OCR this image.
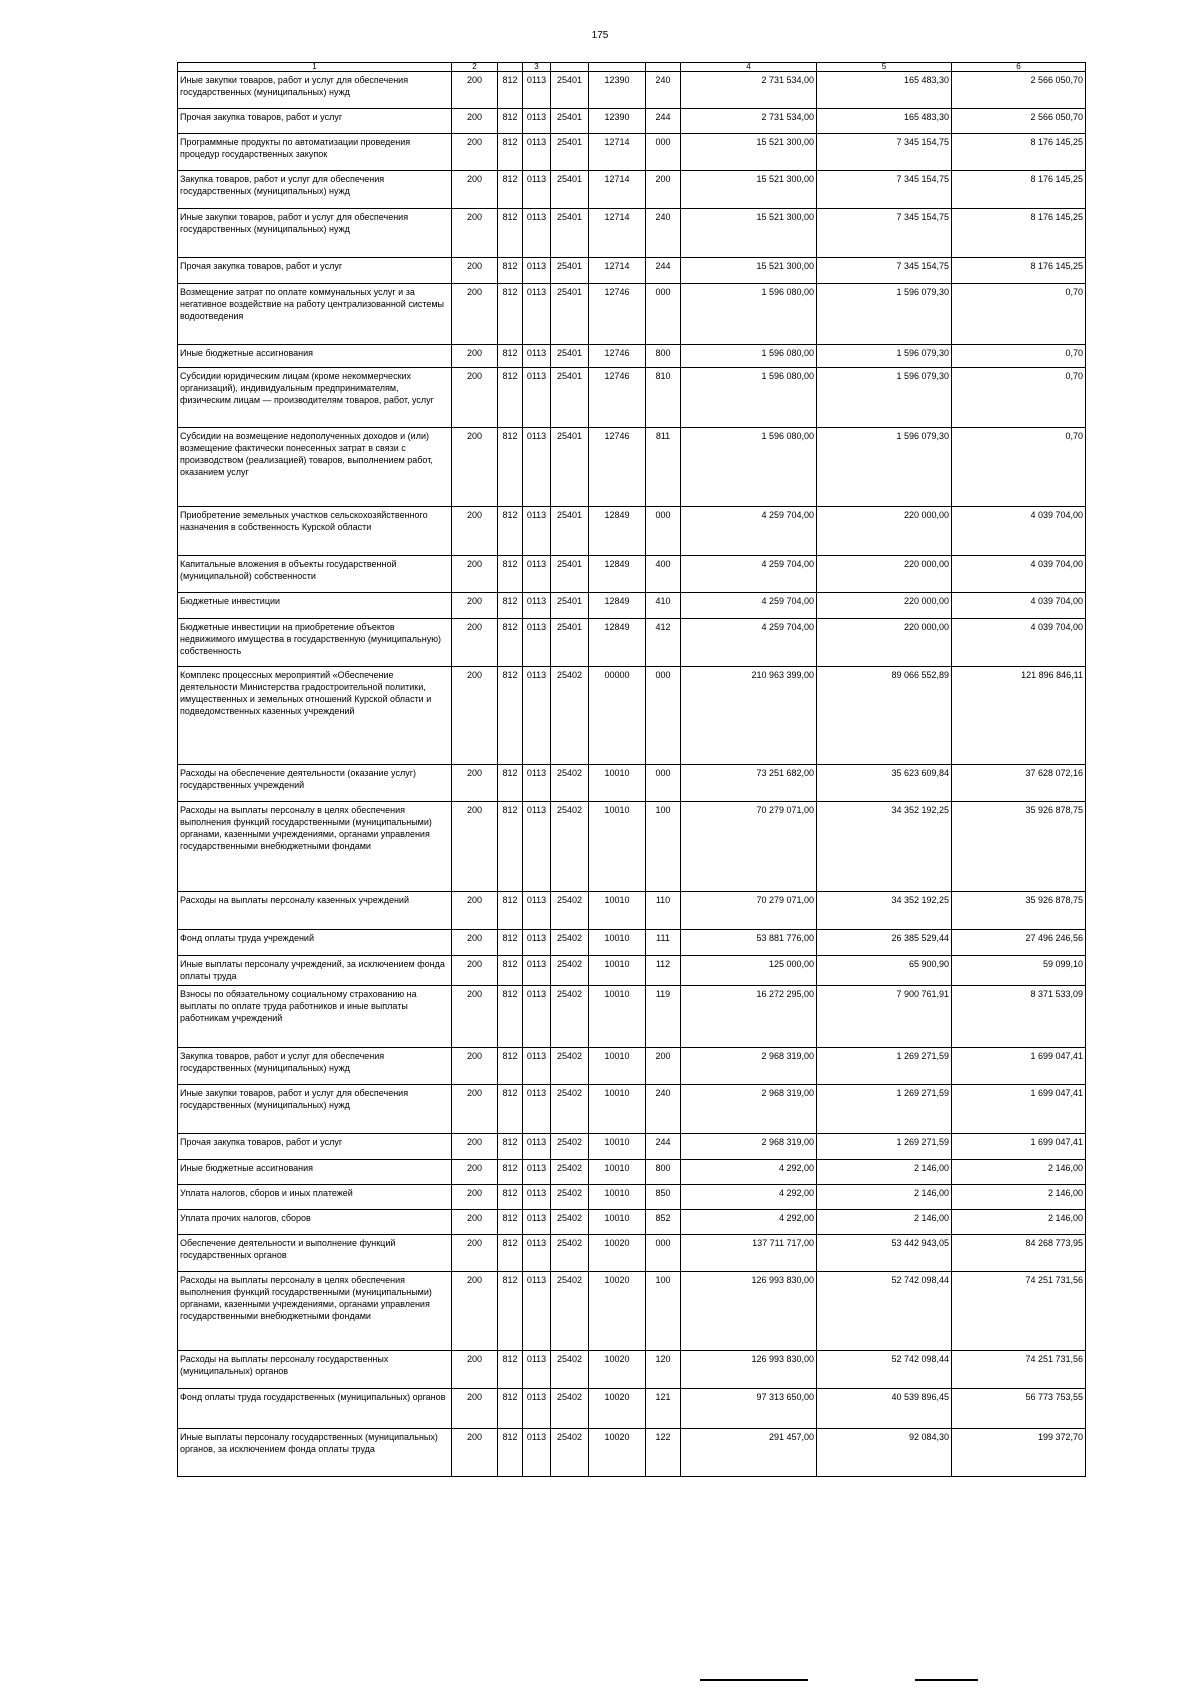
175
1	2		3				4	5	6
Иные закупки товаров, работ и услуг для обеспечения государственных (муниципальных) нужд	200	812	0113	25401	12390	240	2 731 534,00	165 483,30	2 566 050,70
Прочая закупка товаров, работ и услуг	200	812	0113	25401	12390	244	2 731 534,00	165 483,30	2 566 050,70
Программные продукты по автоматизации проведения процедур государственных закупок	200	812	0113	25401	12714	000	15 521 300,00	7 345 154,75	8 176 145,25
Закупка товаров, работ и услуг для обеспечения государственных (муниципальных) нужд	200	812	0113	25401	12714	200	15 521 300,00	7 345 154,75	8 176 145,25
Иные закупки товаров, работ и услуг для обеспечения государственных (муниципальных) нужд	200	812	0113	25401	12714	240	15 521 300,00	7 345 154,75	8 176 145,25
Прочая закупка товаров, работ и услуг	200	812	0113	25401	12714	244	15 521 300,00	7 345 154,75	8 176 145,25
Возмещение затрат по оплате коммунальных услуг и за негативное воздействие на работу централизованной системы водоотведения	200	812	0113	25401	12746	000	1 596 080,00	1 596 079,30	0,70
Иные бюджетные ассигнования	200	812	0113	25401	12746	800	1 596 080,00	1 596 079,30	0,70
Субсидии юридическим лицам (кроме некоммерческих организаций), индивидуальным предпринимателям, физическим лицам — производителям товаров, работ, услуг	200	812	0113	25401	12746	810	1 596 080,00	1 596 079,30	0,70
Субсидии на возмещение недополученных доходов и (или) возмещение фактически понесенных затрат в связи с производством (реализацией) товаров, выполнением работ, оказанием услуг	200	812	0113	25401	12746	811	1 596 080,00	1 596 079,30	0,70
Приобретение земельных участков сельскохозяйственного назначения в собственность Курской области	200	812	0113	25401	12849	000	4 259 704,00	220 000,00	4 039 704,00
Капитальные вложения в объекты государственной (муниципальной) собственности	200	812	0113	25401	12849	400	4 259 704,00	220 000,00	4 039 704,00
Бюджетные инвестиции	200	812	0113	25401	12849	410	4 259 704,00	220 000,00	4 039 704,00
Бюджетные инвестиции на приобретение объектов недвижимого имущества в государственную (муниципальную) собственность	200	812	0113	25401	12849	412	4 259 704,00	220 000,00	4 039 704,00
Комплекс процессных мероприятий «Обеспечение деятельности Министерства градостроительной политики, имущественных и земельных отношений Курской области и подведомственных казенных учреждений	200	812	0113	25402	00000	000	210 963 399,00	89 066 552,89	121 896 846,11
Расходы на обеспечение деятельности (оказание услуг) государственных учреждений	200	812	0113	25402	10010	000	73 251 682,00	35 623 609,84	37 628 072,16
Расходы на выплаты персоналу в целях обеспечения выполнения функций государственными (муниципальными) органами, казенными учреждениями, органами управления государственными внебюджетными фондами	200	812	0113	25402	10010	100	70 279 071,00	34 352 192,25	35 926 878,75
Расходы на выплаты персоналу казенных учреждений	200	812	0113	25402	10010	110	70 279 071,00	34 352 192,25	35 926 878,75
Фонд оплаты труда учреждений	200	812	0113	25402	10010	111	53 881 776,00	26 385 529,44	27 496 246,56
Иные выплаты персоналу учреждений, за исключением фонда оплаты труда	200	812	0113	25402	10010	112	125 000,00	65 900,90	59 099,10
Взносы по обязательному социальному страхованию на выплаты по оплате труда работников и иные выплаты работникам учреждений	200	812	0113	25402	10010	119	16 272 295,00	7 900 761,91	8 371 533,09
Закупка товаров, работ и услуг для обеспечения государственных (муниципальных) нужд	200	812	0113	25402	10010	200	2 968 319,00	1 269 271,59	1 699 047,41
Иные закупки товаров, работ и услуг для обеспечения государственных (муниципальных) нужд	200	812	0113	25402	10010	240	2 968 319,00	1 269 271,59	1 699 047,41
Прочая закупка товаров, работ и услуг	200	812	0113	25402	10010	244	2 968 319,00	1 269 271,59	1 699 047,41
Иные бюджетные ассигнования	200	812	0113	25402	10010	800	4 292,00	2 146,00	2 146,00
Уплата налогов, сборов и иных платежей	200	812	0113	25402	10010	850	4 292,00	2 146,00	2 146,00
Уплата прочих налогов, сборов	200	812	0113	25402	10010	852	4 292,00	2 146,00	2 146,00
Обеспечение деятельности и выполнение функций государственных органов	200	812	0113	25402	10020	000	137 711 717,00	53 442 943,05	84 268 773,95
Расходы на выплаты персоналу в целях обеспечения выполнения функций государственными (муниципальными) органами, казенными учреждениями, органами управления государственными внебюджетными фондами	200	812	0113	25402	10020	100	126 993 830,00	52 742 098,44	74 251 731,56
Расходы на выплаты персоналу государственных (муниципальных) органов	200	812	0113	25402	10020	120	126 993 830,00	52 742 098,44	74 251 731,56
Фонд оплаты труда государственных (муниципальных) органов	200	812	0113	25402	10020	121	97 313 650,00	40 539 896,45	56 773 753,55
Иные выплаты персоналу государственных (муниципальных) органов, за исключением фонда оплаты труда	200	812	0113	25402	10020	122	291 457,00	92 084,30	199 372,70
